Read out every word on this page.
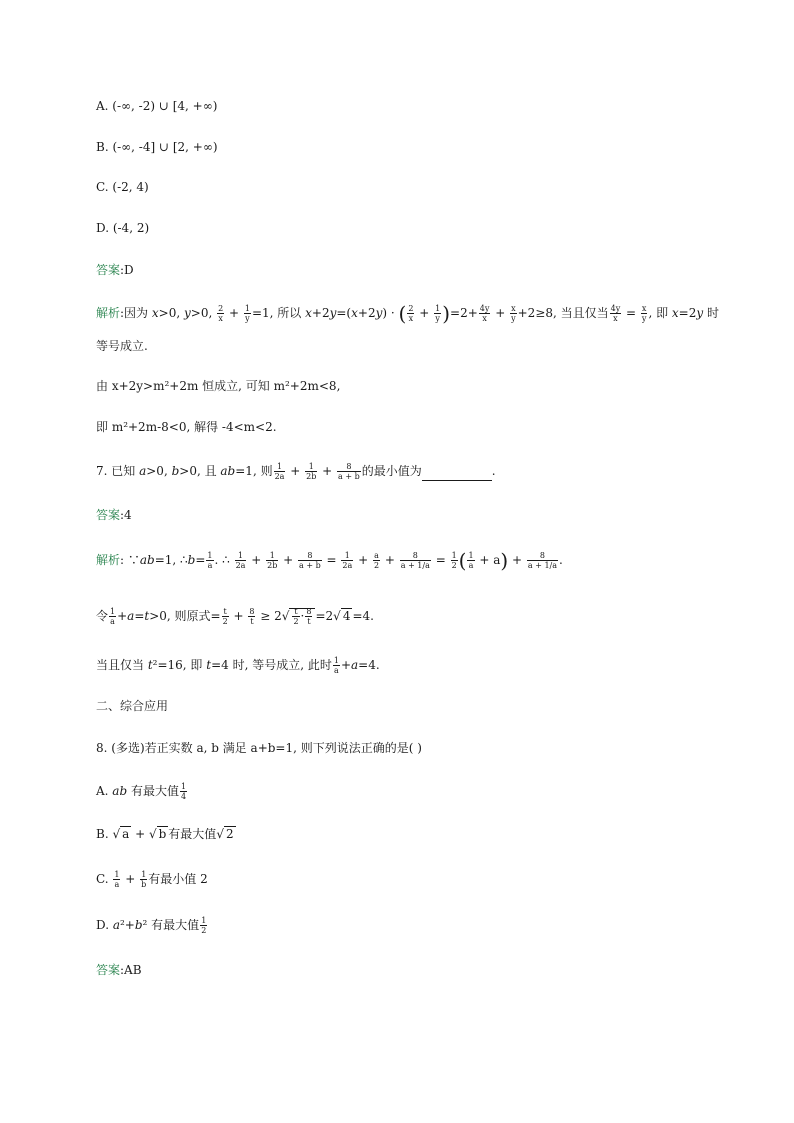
A. (-∞, -2) ∪ [4, +∞)
B. (-∞, -4] ∪ [2, +∞)
C. (-2, 4)
D. (-4, 2)
答案:D
解析:因为 x>0, y>0, $\frac{2}{x} + \frac{1}{y} =1$, 所以 x+2y=(x+2y) · ( $\frac{2}{x} + \frac{1}{y} )=2+ \frac{4y}{x} + \frac{x}{y} +2\ge 8$, 当且仅当 $\frac{4y}{x} = \frac{x}{y}$ , 即 x=2y 时
等号成立.
由 x+2y>m²+2m 恒成立, 可知 m²+2m<8,
即 m²+2m-8<0, 解得 -4<m<2.
7. 已知 a>0, b>0, 且 ab=1, 则 $\frac{1}{2a} + \frac{1}{2b} + \frac{8}{a + b}$ 的最小值为	.
答案:4
解析: ∵ab=1, ∴b= $\frac{1}{a}$ . ∴ $\frac{1}{2a} + \frac{1}{2b} + \frac{8}{a + b} = \frac{1}{2a} + \frac{a}{2} + \frac{8}{a + 1/a} = \frac{1}{2}$ ( $\frac{1}{a} + a) + \frac{8}{a + 1/a}$ .
令 $\frac{1}{a} +a=t>0$, 则原式= $\frac{t}{2} + \frac{8}{t} \ge 2√ \frac{t}{2} \cdot \frac{8}{t} =2√$ 4 =4.
当且仅当 t²=16, 即 t=4 时, 等号成立, 此时 $\frac{1}{a} +a=4$.
二、综合应用
8. (多选)若正实数 a, b 满足 a+b=1, 则下列说法正确的是( )
A. ab 有最大值 $\frac{1}{4}$
B. √ a + √ b 有最大值√ 2
C. $\frac{1}{a} + \frac{1}{b}$ 有最小值 2
D. a²+b² 有最大值 $\frac{1}{2}$
答案:AB
